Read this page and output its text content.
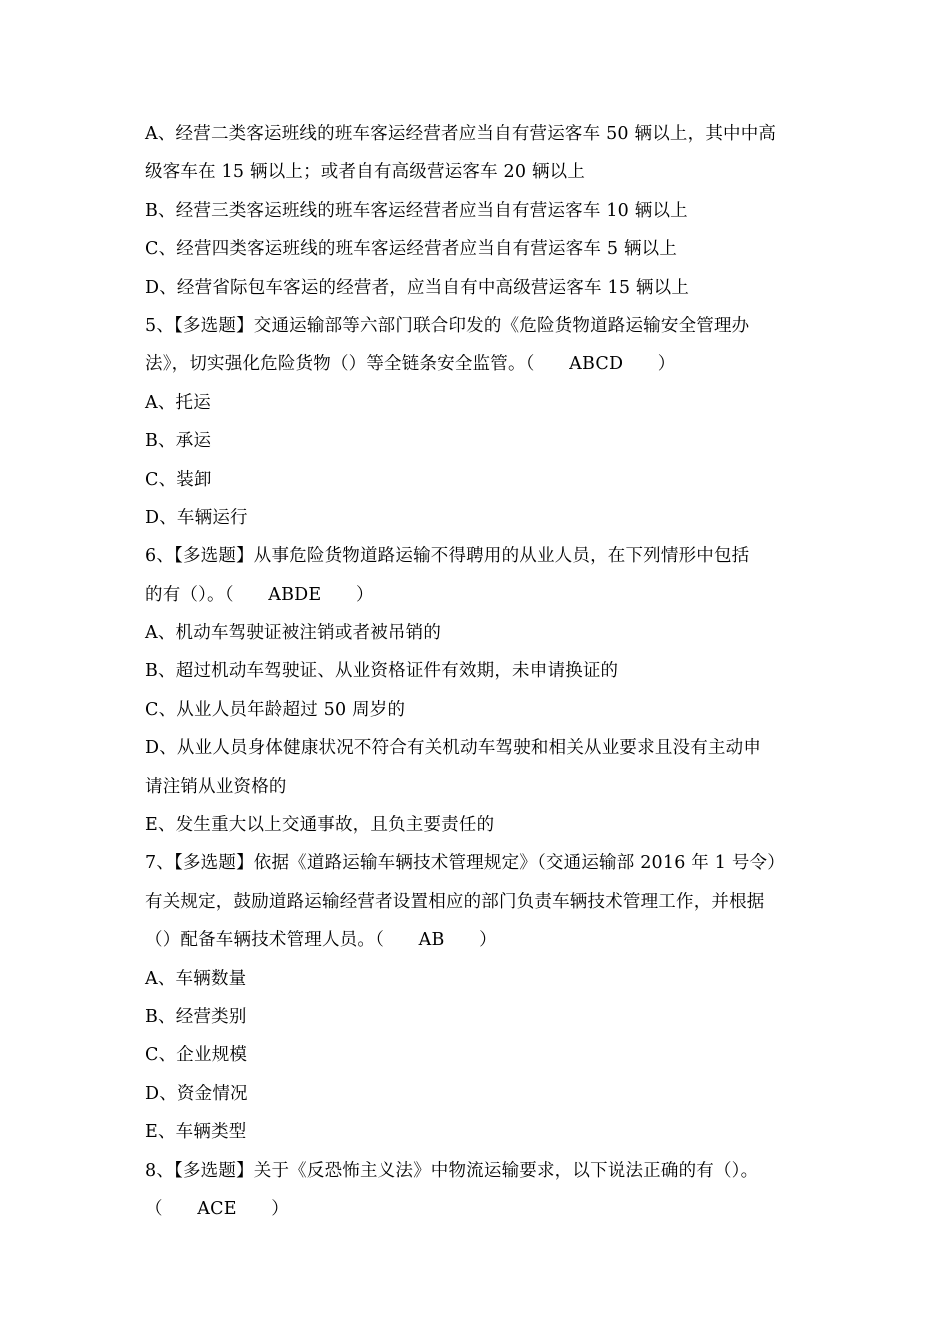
A、经营二类客运班线的班车客运经营者应当自有营运客车 50 辆以上，其中中高
级客车在 15 辆以上；或者自有高级营运客车 20 辆以上
B、经营三类客运班线的班车客运经营者应当自有营运客车 10 辆以上
C、经营四类客运班线的班车客运经营者应当自有营运客车 5 辆以上
D、经营省际包车客运的经营者，应当自有中高级营运客车 15 辆以上
5、【多选题】交通运输部等六部门联合印发的《危险货物道路运输安全管理办
法》，切实强化危险货物（）等全链条安全监管。（      ABCD      ）
A、托运
B、承运
C、装卸
D、车辆运行
6、【多选题】从事危险货物道路运输不得聘用的从业人员，在下列情形中包括
的有（）。（      ABDE      ）
A、机动车驾驶证被注销或者被吊销的
B、超过机动车驾驶证、从业资格证件有效期，未申请换证的
C、从业人员年龄超过 50 周岁的
D、从业人员身体健康状况不符合有关机动车驾驶和相关从业要求且没有主动申
请注销从业资格的
E、发生重大以上交通事故，且负主要责任的
7、【多选题】依据《道路运输车辆技术管理规定》（交通运输部 2016 年 1 号令）
有关规定，鼓励道路运输经营者设置相应的部门负责车辆技术管理工作，并根据
（）配备车辆技术管理人员。（      AB      ）
A、车辆数量
B、经营类别
C、企业规模
D、资金情况
E、车辆类型
8、【多选题】关于《反恐怖主义法》中物流运输要求，以下说法正确的有（）。
（      ACE      ）
